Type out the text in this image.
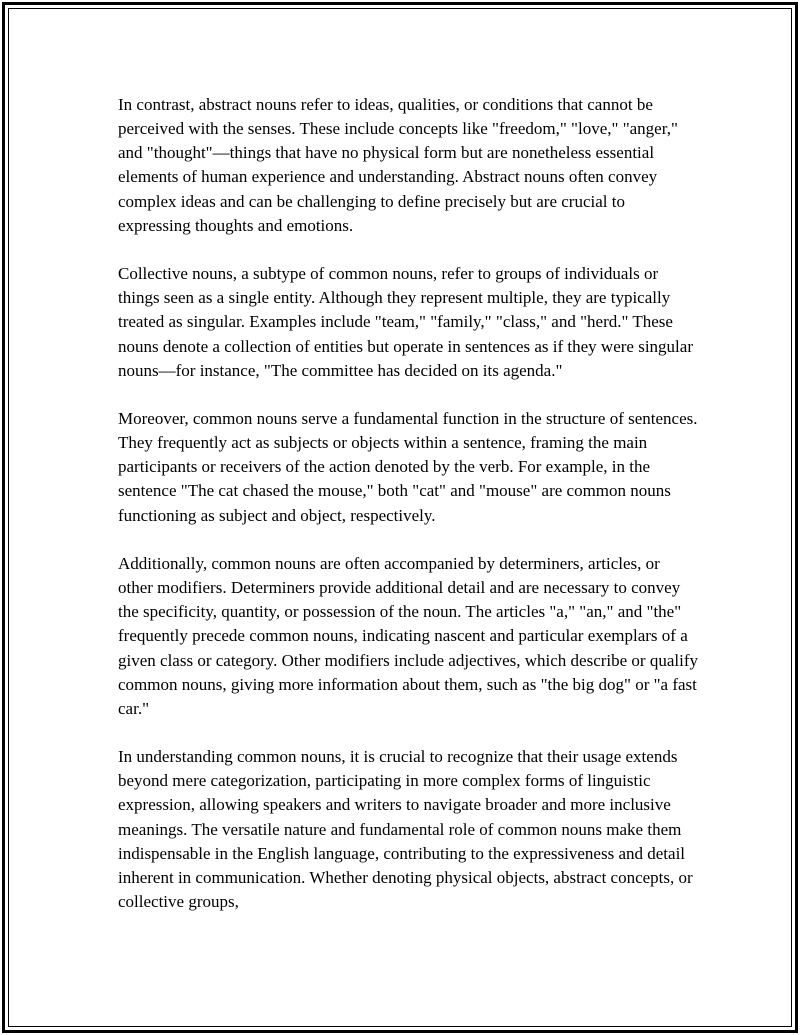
In contrast, abstract nouns refer to ideas, qualities, or conditions that cannot be perceived with the senses. These include concepts like "freedom," "love," "anger," and "thought"—things that have no physical form but are nonetheless essential elements of human experience and understanding. Abstract nouns often convey complex ideas and can be challenging to define precisely but are crucial to expressing thoughts and emotions.

Collective nouns, a subtype of common nouns, refer to groups of individuals or things seen as a single entity. Although they represent multiple, they are typically treated as singular. Examples include "team," "family," "class," and "herd." These nouns denote a collection of entities but operate in sentences as if they were singular nouns—for instance, "The committee has decided on its agenda."

Moreover, common nouns serve a fundamental function in the structure of sentences. They frequently act as subjects or objects within a sentence, framing the main participants or receivers of the action denoted by the verb. For example, in the sentence "The cat chased the mouse," both "cat" and "mouse" are common nouns functioning as subject and object, respectively.

Additionally, common nouns are often accompanied by determiners, articles, or other modifiers. Determiners provide additional detail and are necessary to convey the specificity, quantity, or possession of the noun. The articles "a," "an," and "the" frequently precede common nouns, indicating nascent and particular exemplars of a given class or category. Other modifiers include adjectives, which describe or qualify common nouns, giving more information about them, such as "the big dog" or "a fast car."

In understanding common nouns, it is crucial to recognize that their usage extends beyond mere categorization, participating in more complex forms of linguistic expression, allowing speakers and writers to navigate broader and more inclusive meanings. The versatile nature and fundamental role of common nouns make them indispensable in the English language, contributing to the expressiveness and detail inherent in communication. Whether denoting physical objects, abstract concepts, or collective groups,
